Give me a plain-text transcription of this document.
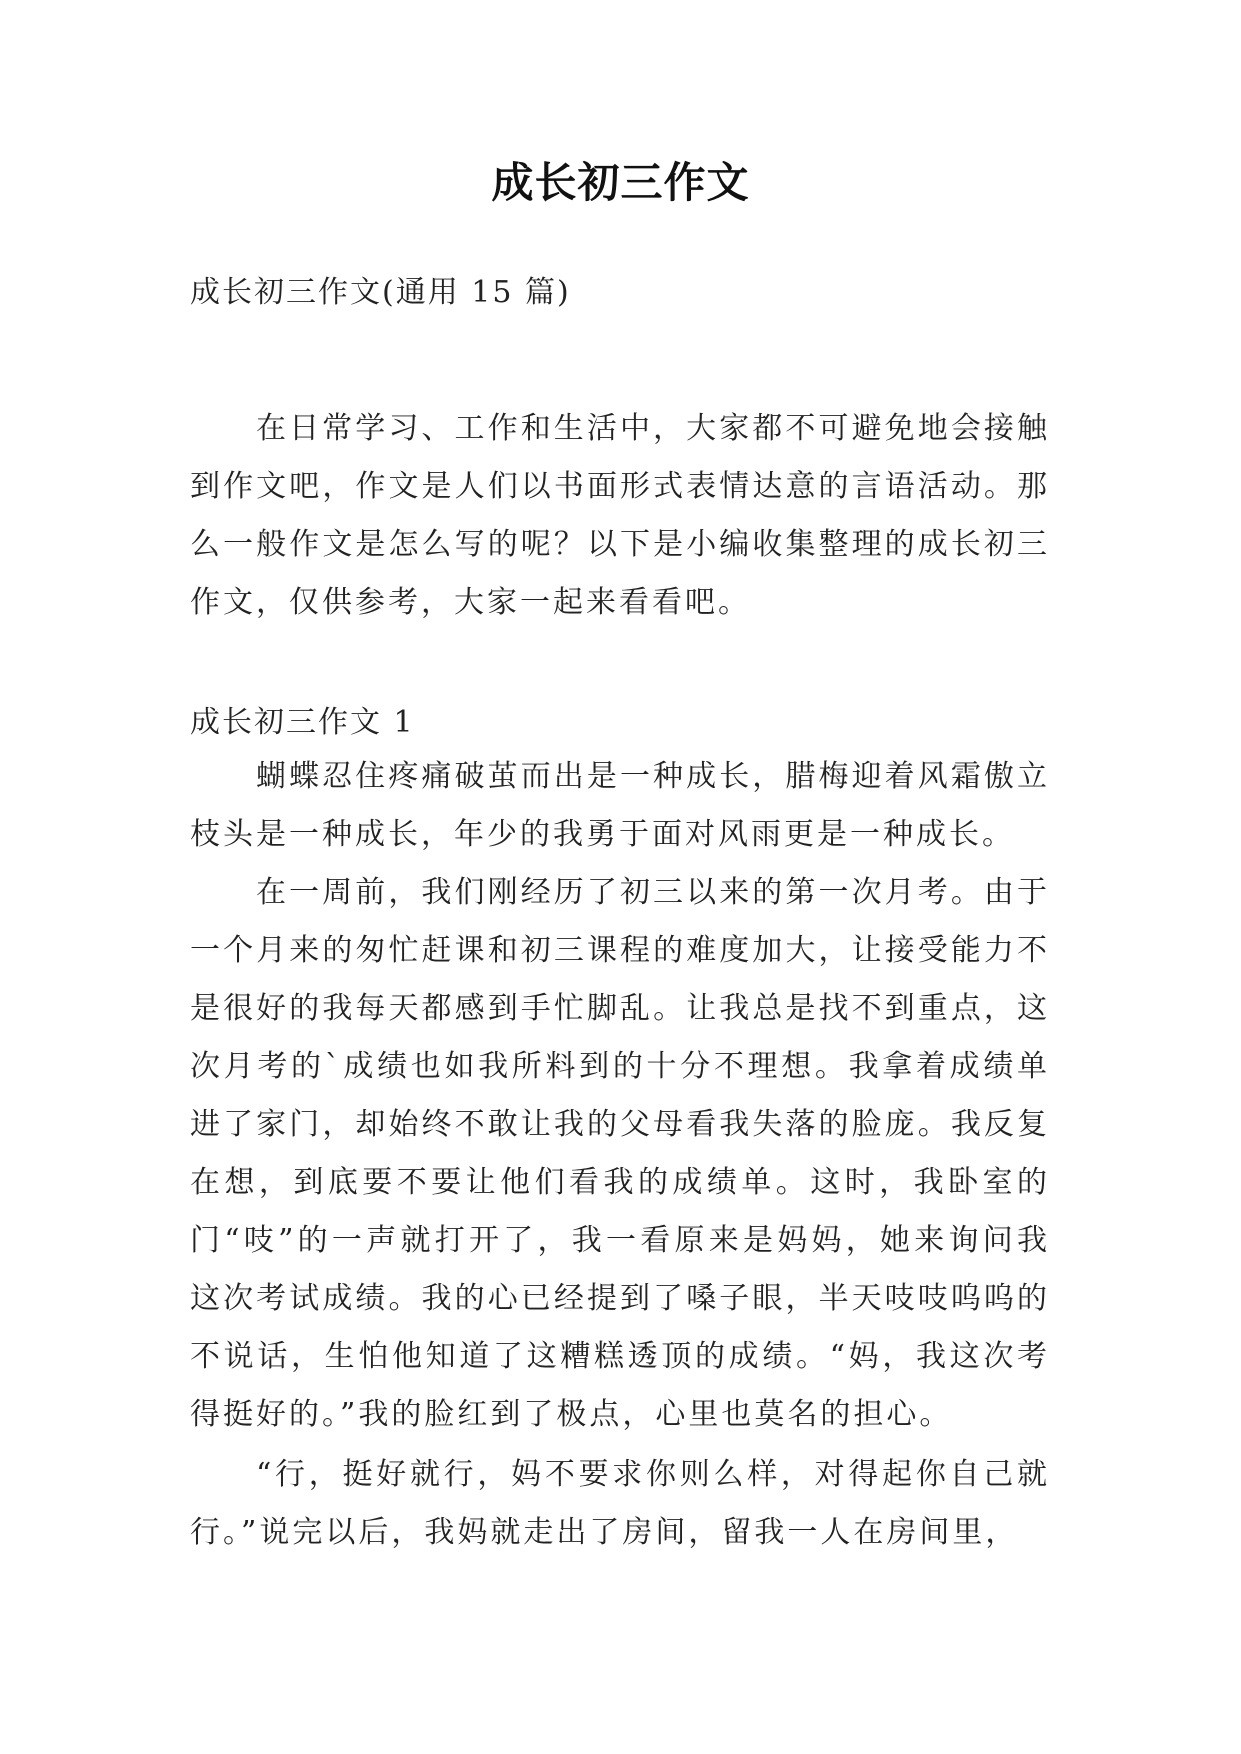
成长初三作文

成长初三作文(通用 15 篇)

在日常学习、工作和生活中，大家都不可避免地会接触到作文吧，作文是人们以书面形式表情达意的言语活动。那么一般作文是怎么写的呢？以下是小编收集整理的成长初三作文，仅供参考，大家一起来看看吧。

成长初三作文 1

蝴蝶忍住疼痛破茧而出是一种成长，腊梅迎着风霜傲立枝头是一种成长，年少的我勇于面对风雨更是一种成长。

在一周前，我们刚经历了初三以来的第一次月考。由于一个月来的匆忙赶课和初三课程的难度加大，让接受能力不是很好的我每天都感到手忙脚乱。让我总是找不到重点，这次月考的`成绩也如我所料到的十分不理想。我拿着成绩单进了家门，却始终不敢让我的父母看我失落的脸庞。我反复在想，到底要不要让他们看我的成绩单。这时，我卧室的门“吱”的一声就打开了，我一看原来是妈妈，她来询问我这次考试成绩。我的心已经提到了嗓子眼，半天吱吱呜呜的不说话，生怕他知道了这糟糕透顶的成绩。“妈，我这次考得挺好的。”我的脸红到了极点，心里也莫名的担心。

“行，挺好就行，妈不要求你则么样，对得起你自己就行。”说完以后，我妈就走出了房间，留我一人在房间里，
